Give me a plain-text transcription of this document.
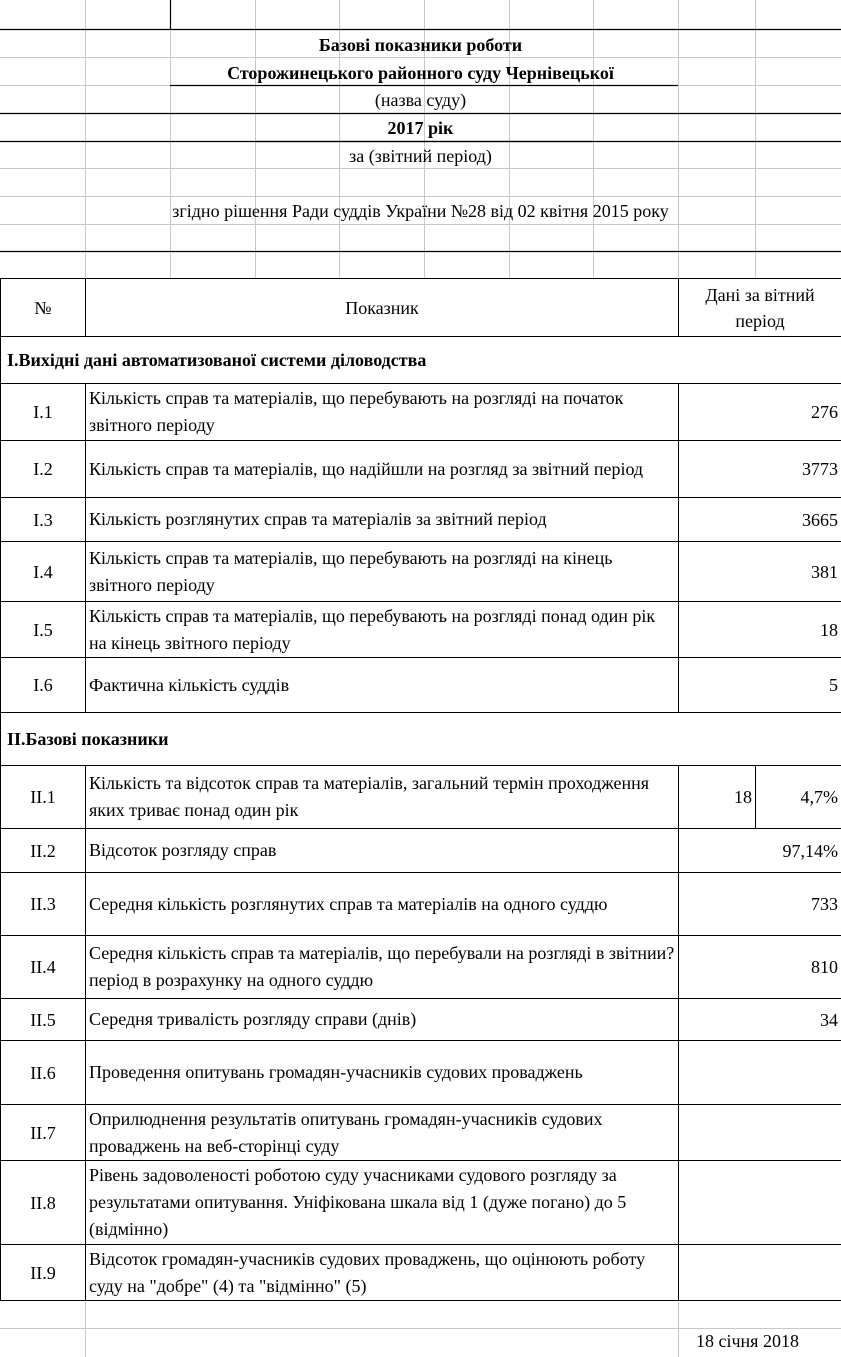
Базові показники роботи
Сторожинецького районного суду Чернівецької
(назва суду)
2017 рік
за (звітний період)
згідно рішення Ради суддів України №28 від 02 квітня 2015 року
№	Показник	Дані за вітний період	
I.Вихідні дані автоматизованої системи діловодства			
I.1	Кількість справ та матеріалів, що перебувають на розгляді на початок звітного періоду	276	
I.2	Кількість справ та матеріалів, що надійшли на розгляд за звітний період	3773	
I.3	Кількість розглянутих справ та матеріалів за звітний період	3665	
I.4	Кількість справ та матеріалів, що перебувають на розгляді на кінець звітного періоду	381	
I.5	Кількість справ та матеріалів, що перебувають на розгляді понад один рік на кінець звітного періоду	18	
I.6	Фактична кількість суддів	5	
II.Базові показники			
II.1	Кількість та відсоток справ та матеріалів, загальний термін проходження яких триває понад один рік	18	4,7%
II.2	Відсоток розгляду справ	97,14%	
II.3	Середня кількість розглянутих справ та матеріалів на одного суддю	733	
II.4	Середня кількість справ та матеріалів, що перебували на розгляді в звітнии? період в розрахунку на одного суддю	810	
II.5	Середня тривалість розгляду справи (днів)	34	
II.6	Проведення опитувань громадян-учасників судових проваджень		
II.7	Оприлюднення результатів опитувань громадян-учасників судових проваджень на веб-сторінці суду		
II.8	Рівень задоволеності роботою суду учасниками судового розгляду за результатами опитування. Уніфікована шкала від 1 (дуже погано) до 5 (відмінно)		
II.9	Відсоток громадян-учасників судових проваджень, що оцінюють роботу суду на "добре" (4) та "відмінно" (5)		
18 січня 2018
